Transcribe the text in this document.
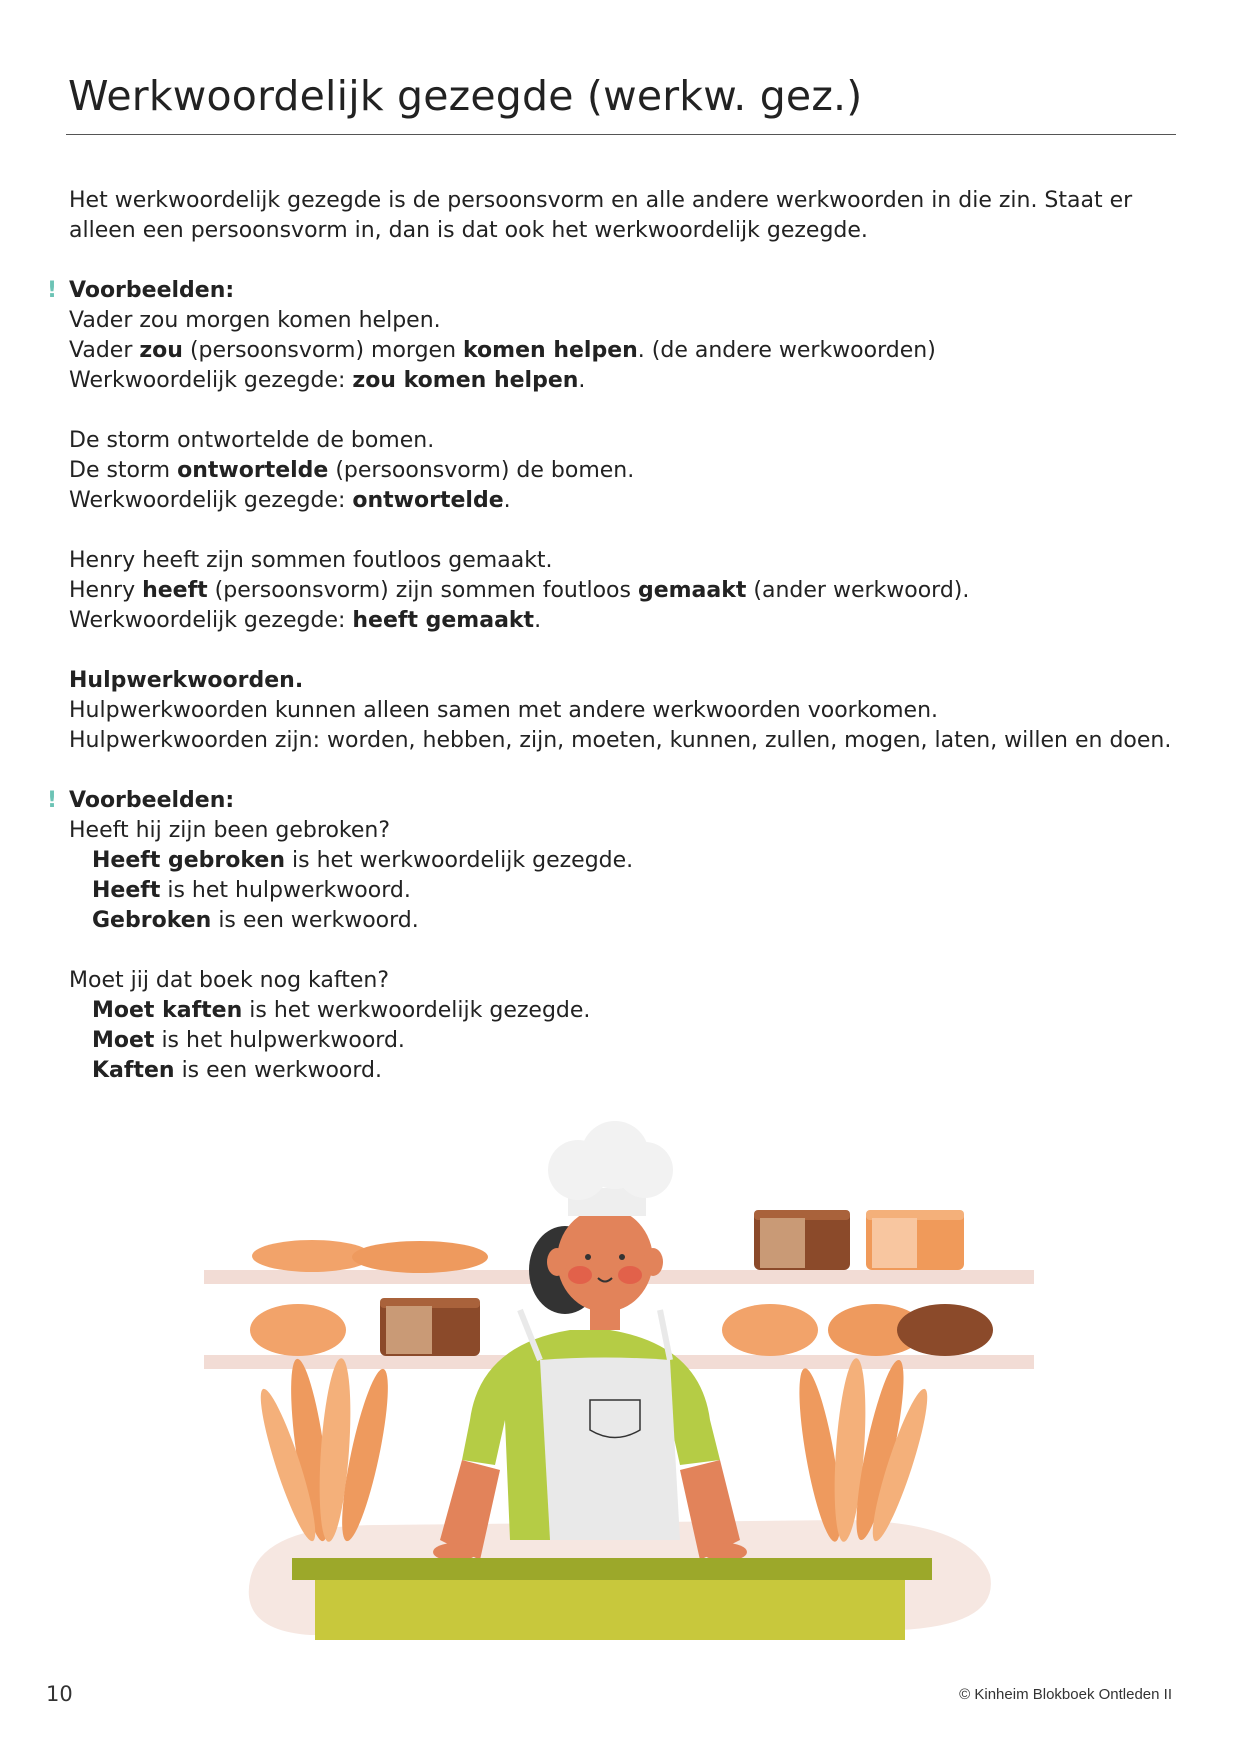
Werkwoordelijk gezegde (werkw. gez.)

Het werkwoordelijk gezegde is de persoonsvorm en alle andere werkwoorden in die zin. Staat er

alleen een persoonsvorm in, dan is dat ook het werkwoordelijk gezegde.

! Voorbeelden:

Vader zou morgen komen helpen.

Vader zou (persoonsvorm) morgen komen helpen. (de andere werkwoorden)

Werkwoordelijk gezegde: zou komen helpen.

De storm ontwortelde de bomen.

De storm ontwortelde (persoonsvorm) de bomen.

Werkwoordelijk gezegde: ontwortelde.

Henry heeft zijn sommen foutloos gemaakt.

Henry heeft (persoonsvorm) zijn sommen foutloos gemaakt (ander werkwoord).

Werkwoordelijk gezegde: heeft gemaakt.

Hulpwerkwoorden.

Hulpwerkwoorden kunnen alleen samen met andere werkwoorden voorkomen.

Hulpwerkwoorden zijn: worden, hebben, zijn, moeten, kunnen, zullen, mogen, laten, willen en doen.

! Voorbeelden:

Heeft hij zijn been gebroken?

Heeft gebroken is het werkwoordelijk gezegde.

Heeft is het hulpwerkwoord.

Gebroken is een werkwoord.

Moet jij dat boek nog kaften?

Moet kaften is het werkwoordelijk gezegde.

Moet is het hulpwerkwoord.

Kaften is een werkwoord.

10	© Kinheim Blokboek Ontleden II
